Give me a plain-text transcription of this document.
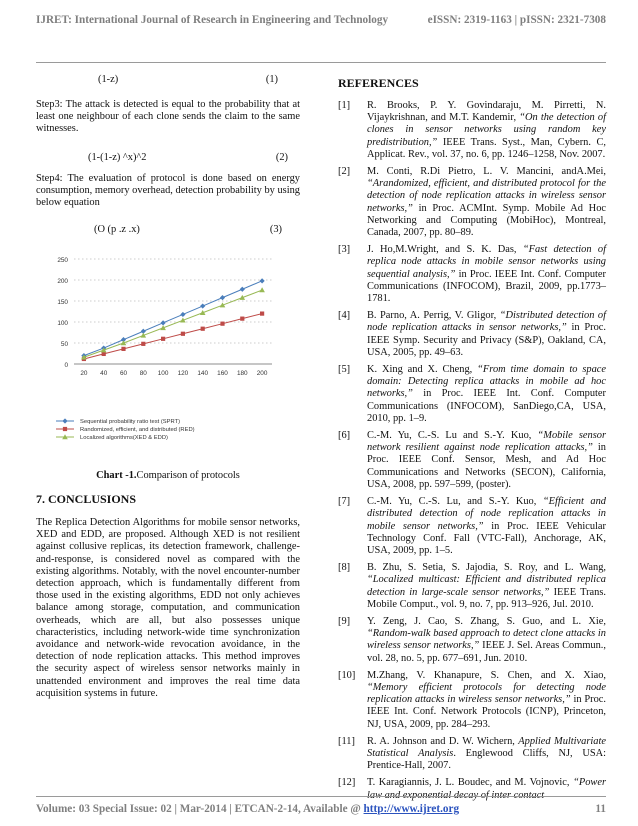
IJRET: International Journal of Research in Engineering and Technology	eISSN: 2319-1163 | pISSN: 2321-7308
(1-z)	(1)

Step3: The attack is detected is equal to the probability that at least one neighbour of each clone sends the claim to the same witnesses.

(1-(1-z) ^x)^2	(2)

Step4: The evaluation of protocol is done based on energy consumption, memory overhead, detection probability by using below equation

(O (p .z .x)	(3)
0
50
100
150
200
250
20 40 60 80 100 120 140 160 180 200
Sequential probability ratio test (SPRT)
Randomized, efficient, and distributed (RED)
Localized algorithms(XED & EDD)
Chart -1.Comparison of protocols
7. CONCLUSIONS

The Replica Detection Algorithms for mobile sensor networks, XED and EDD, are proposed. Although XED is not resilient against collusive replicas, its detection framework, challenge-and-response, is considered novel as compared with the existing algorithms. Notably, with the novel encounter-number detection approach, which is fundamentally different from those used in the existing algorithms, EDD not only achieves balance among storage, computation, and communication overheads, which are all, but also possesses unique characteristics, including network-wide time synchronization avoidance and network-wide revocation avoidance, in the detection of node replication attacks. This method improves the security aspect of wireless sensor networks mainly in unattended environment and improves the real time data acquisition systems in future.

REFERENCES
[1]	R. Brooks, P. Y. Govindaraju, M. Pirretti, N. Vijaykrishnan, and M.T. Kandemir, “On the detection of clones in sensor networks using random key predistribution,” IEEE Trans. Syst., Man, Cybern. C, Applicat. Rev., vol. 37, no. 6, pp. 1246–1258, Nov. 2007.
[2]	M. Conti, R.Di Pietro, L. V. Mancini, andA.Mei, “Arandomized, efficient, and distributed protocol for the detection of node replication attacks in wireless sensor networks,” in Proc. ACMInt. Symp. Mobile Ad Hoc Networking and Computing (MobiHoc), Montreal, Canada, 2007, pp. 80–89.
[3]	J. Ho,M.Wright, and S. K. Das, “Fast detection of replica node attacks in mobile sensor networks using sequential analysis,” in Proc. IEEE Int. Conf. Computer Communications (INFOCOM), Brazil, 2009, pp.1773–1781.
[4]	B. Parno, A. Perrig, V. Gligor, “Distributed detection of node replication attacks in sensor networks,” in Proc. IEEE Symp. Security and Privacy (S&P), Oakland, CA, USA, 2005, pp. 49–63.
[5]	K. Xing and X. Cheng, “From time domain to space domain: Detecting replica attacks in mobile ad hoc networks,” in Proc. IEEE Int. Conf. Computer Communications (INFOCOM), SanDiego,CA, USA, 2010, pp. 1–9.
[6]	C.-M. Yu, C.-S. Lu and S.-Y. Kuo, “Mobile sensor network resilient against node replication attacks,” in Proc. IEEE Conf. Sensor, Mesh, and Ad Hoc Communications and Networks (SECON), California, USA, 2008, pp. 597–599, (poster).
[7]	C.-M. Yu, C.-S. Lu, and S.-Y. Kuo, “Efficient and distributed detection of node replication attacks in mobile sensor networks,” in Proc. IEEE Vehicular Technology Conf. Fall (VTC-Fall), Anchorage, AK, USA, 2009, pp. 1–5.
[8]	B. Zhu, S. Setia, S. Jajodia, S. Roy, and L. Wang, “Localized multicast: Efficient and distributed replica detection in large-scale sensor networks,” IEEE Trans. Mobile Comput., vol. 9, no. 7, pp. 913–926, Jul. 2010.
[9]	Y. Zeng, J. Cao, S. Zhang, S. Guo, and L. Xie, “Random-walk based approach to detect clone attacks in wireless sensor networks,” IEEE J. Sel. Areas Commun., vol. 28, no. 5, pp. 677–691, Jun. 2010.
[10]	M.Zhang, V. Khanapure, S. Chen, and X. Xiao, “Memory efficient protocols for detecting node replication attacks in wireless sensor networks,” in Proc. IEEE Int. Conf. Network Protocols (ICNP), Princeton, NJ, USA, 2009, pp. 284–293.
[11]	R. A. Johnson and D. W. Wichern, Applied Multivariate Statistical Analysis. Englewood Cliffs, NJ, USA: Prentice-Hall, 2007.
[12]	T. Karagiannis, J. L. Boudec, and M. Vojnovic, “Power
Volume: 03 Special Issue: 02 | Mar-2014 | ETCAN-2-14, Available @ http://www.ijret.org	11
